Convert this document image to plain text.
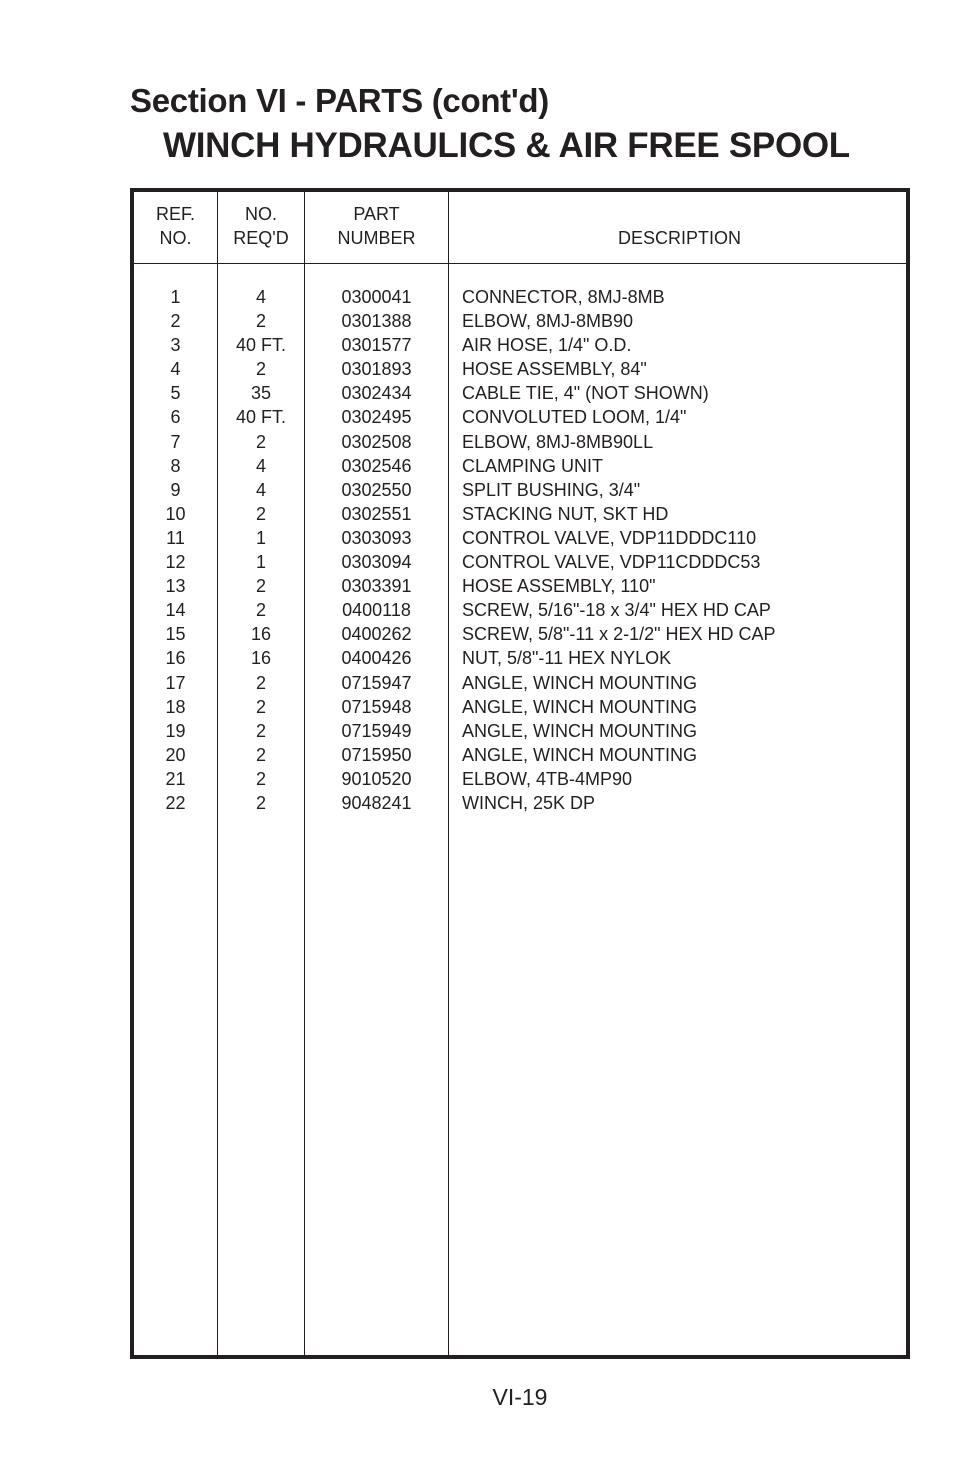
Section VI - PARTS (cont'd)
WINCH HYDRAULICS & AIR FREE SPOOL
REF.
NO.
NO.
REQ'D
PART
NUMBER	DESCRIPTION
1
2
3
4
5
6
7
8
9
10
11
12
13
14
15
16
17
18
19
20
21
22
4
2
40 FT.
2
35
40 FT.
2
4
4
2
1
1
2
2
16
16
2
2
2
2
2
2
0300041
0301388
0301577
0301893
0302434
0302495
0302508
0302546
0302550
0302551
0303093
0303094
0303391
0400118
0400262
0400426
0715947
0715948
0715949
0715950
9010520
9048241
CONNECTOR, 8MJ-8MB
ELBOW, 8MJ-8MB90
AIR HOSE, 1/4" O.D.
HOSE ASSEMBLY, 84"
CABLE TIE, 4" (NOT SHOWN)
CONVOLUTED LOOM, 1/4"
ELBOW, 8MJ-8MB90LL
CLAMPING UNIT
SPLIT BUSHING, 3/4"
STACKING NUT, SKT HD
CONTROL VALVE, VDP11DDDC110
CONTROL VALVE, VDP11CDDDC53
HOSE ASSEMBLY, 110"
SCREW, 5/16"-18 x 3/4" HEX HD CAP
SCREW, 5/8"-11 x 2-1/2" HEX HD CAP
NUT, 5/8"-11 HEX NYLOK
ANGLE, WINCH MOUNTING
ANGLE, WINCH MOUNTING
ANGLE, WINCH MOUNTING
ANGLE, WINCH MOUNTING
ELBOW, 4TB-4MP90
WINCH, 25K DP
VI-19
